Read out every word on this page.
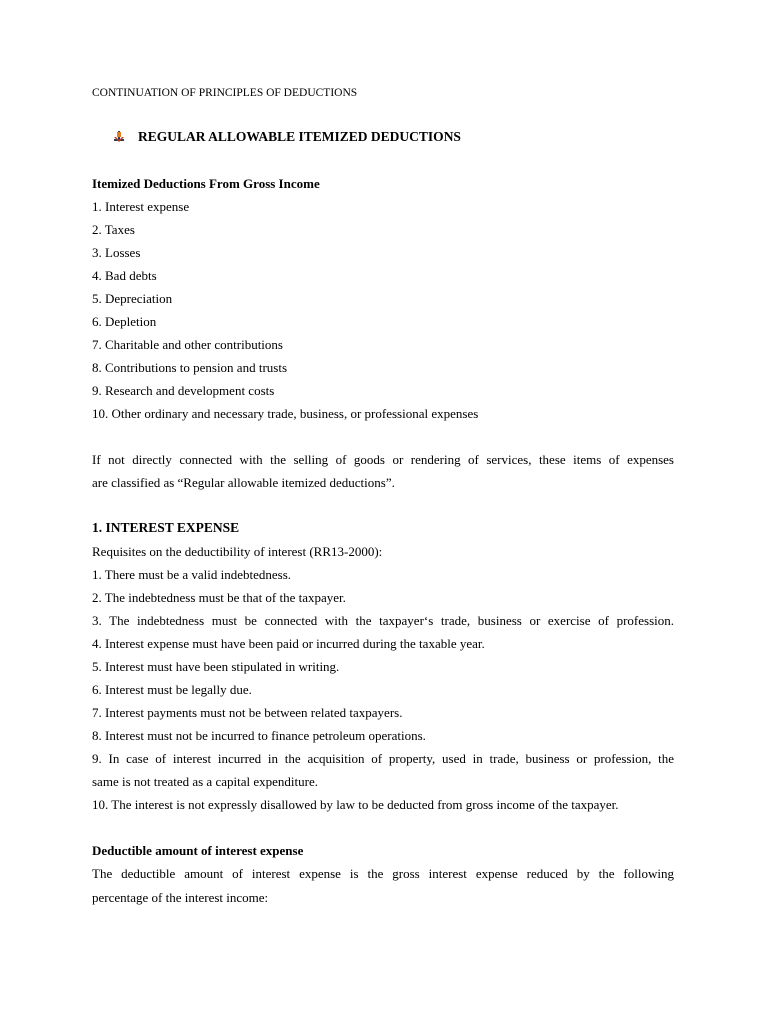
CONTINUATION OF PRINCIPLES OF DEDUCTIONS
REGULAR ALLOWABLE ITEMIZED DEDUCTIONS
Itemized Deductions From Gross Income
1. Interest expense
2. Taxes
3. Losses
4. Bad debts
5. Depreciation
6. Depletion
7. Charitable and other contributions
8. Contributions to pension and trusts
9. Research and development costs
10. Other ordinary and necessary trade, business, or professional expenses
If not directly connected with the selling of goods or rendering of services, these items of expenses
are classified as “Regular allowable itemized deductions”.
1. INTEREST EXPENSE
Requisites on the deductibility of interest (RR13-2000):
1. There must be a valid indebtedness.
2. The indebtedness must be that of the taxpayer.
3. The indebtedness must be connected with the taxpayer‘s trade, business or exercise of profession.
4. Interest expense must have been paid or incurred during the taxable year.
5. Interest must have been stipulated in writing.
6. Interest must be legally due.
7. Interest payments must not be between related taxpayers.
8. Interest must not be incurred to finance petroleum operations.
9. In case of interest incurred in the acquisition of property, used in trade, business or profession, the
same is not treated as a capital expenditure.
10. The interest is not expressly disallowed by law to be deducted from gross income of the taxpayer.
Deductible amount of interest expense
The deductible amount of interest expense is the gross interest expense reduced by the following
percentage of the interest income:
